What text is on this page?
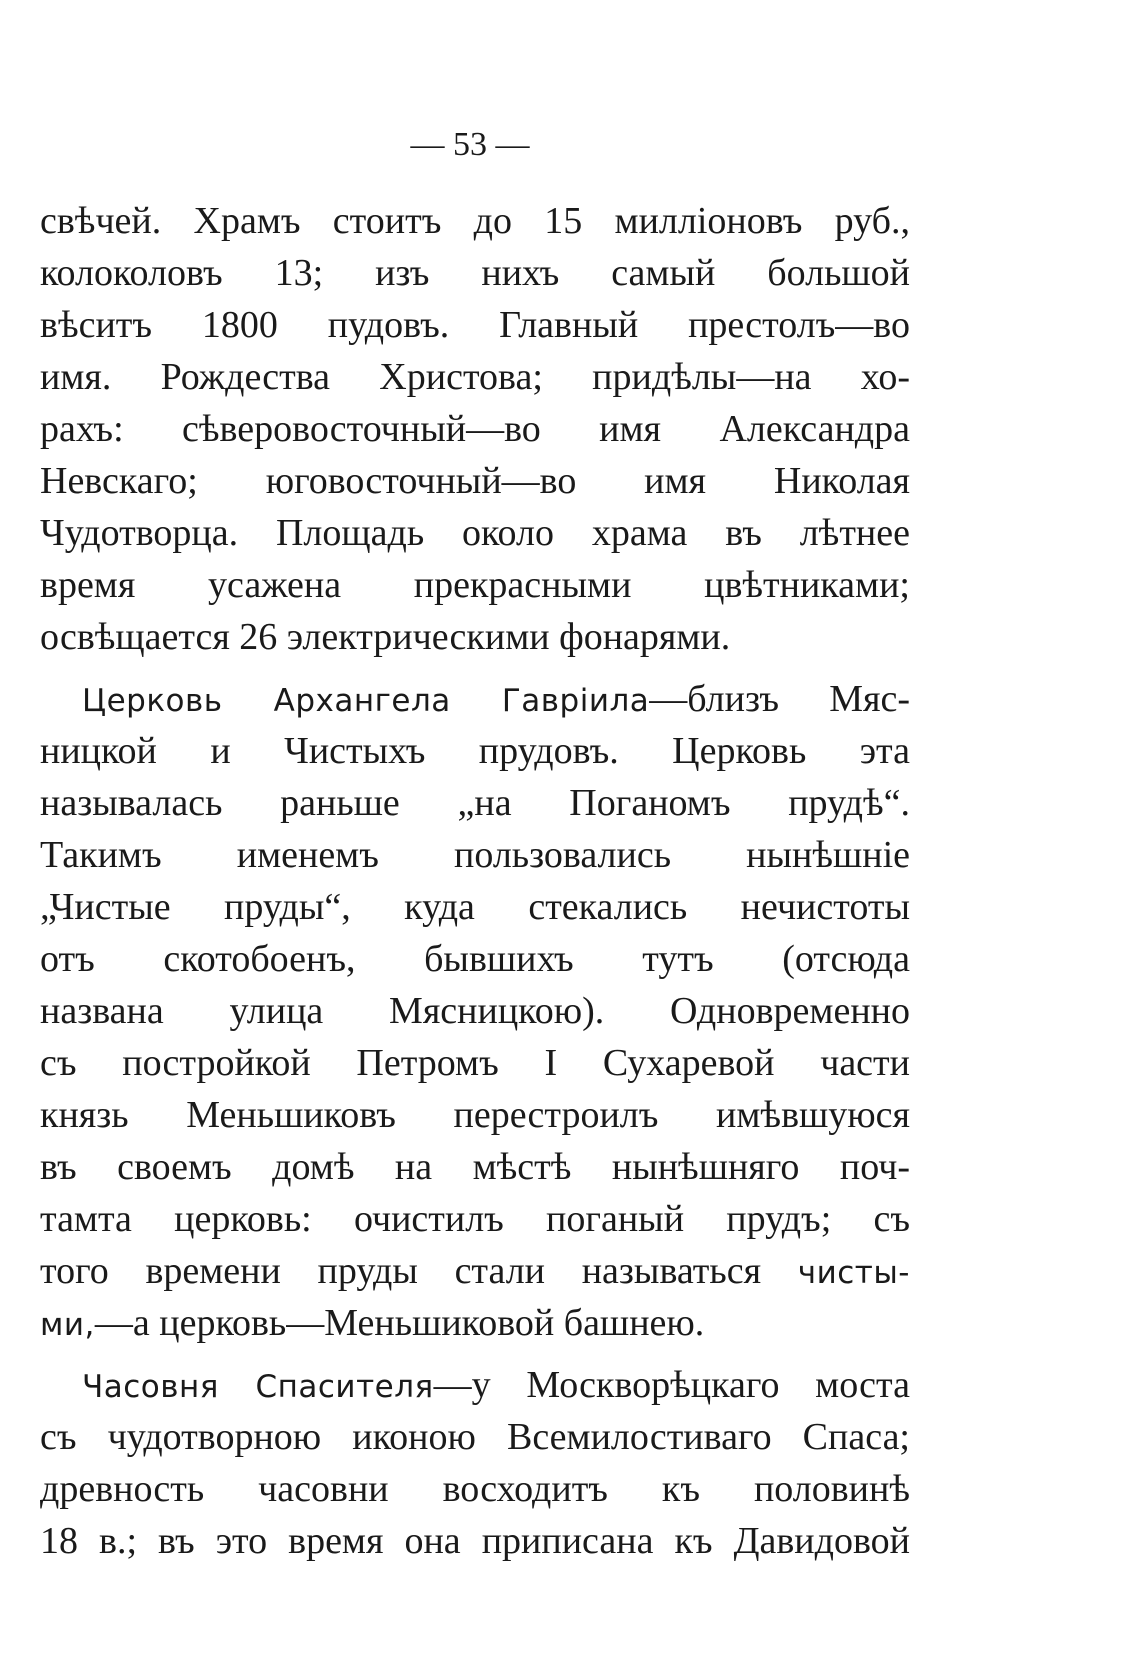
— 53 —
свѣчей. Храмъ стоитъ до 15 милліоновъ руб.,
колоколовъ 13; изъ нихъ самый большой
вѣситъ 1800 пудовъ. Главный престолъ—во
имя. Рождества Христова; придѣлы—на хо-
рахъ: сѣверовосточный—во имя Александра
Невскаго; юговосточный—во имя Николая
Чудотворца. Площадь около храма въ лѣтнее
время усажена прекрасными цвѣтниками;
освѣщается 26 электрическими фонарями.
Церковь Архангела Гавріила—близъ Мяс-
ницкой и Чистыхъ прудовъ. Церковь эта
называлась раньше „на Поганомъ прудѣ“.
Такимъ именемъ пользовались нынѣшніе
„Чистые пруды“, куда стекались нечистоты
отъ скотобоенъ, бывшихъ тутъ (отсюда
названа улица Мясницкою). Одновременно
съ постройкой Петромъ I Сухаревой части
князь Меньшиковъ перестроилъ имѣвшуюся
въ своемъ домѣ на мѣстѣ нынѣшняго поч-
тамта церковь: очистилъ поганый прудъ; съ
того времени пруды стали называться чисты-
ми,—а церковь—Меньшиковой башнею.
Часовня Спасителя—у Москворѣцкаго моста
съ чудотворною иконою Всемилостиваго Спаса;
древность часовни восходитъ къ половинѣ
18 в.; въ это время она приписана къ Давидовой
